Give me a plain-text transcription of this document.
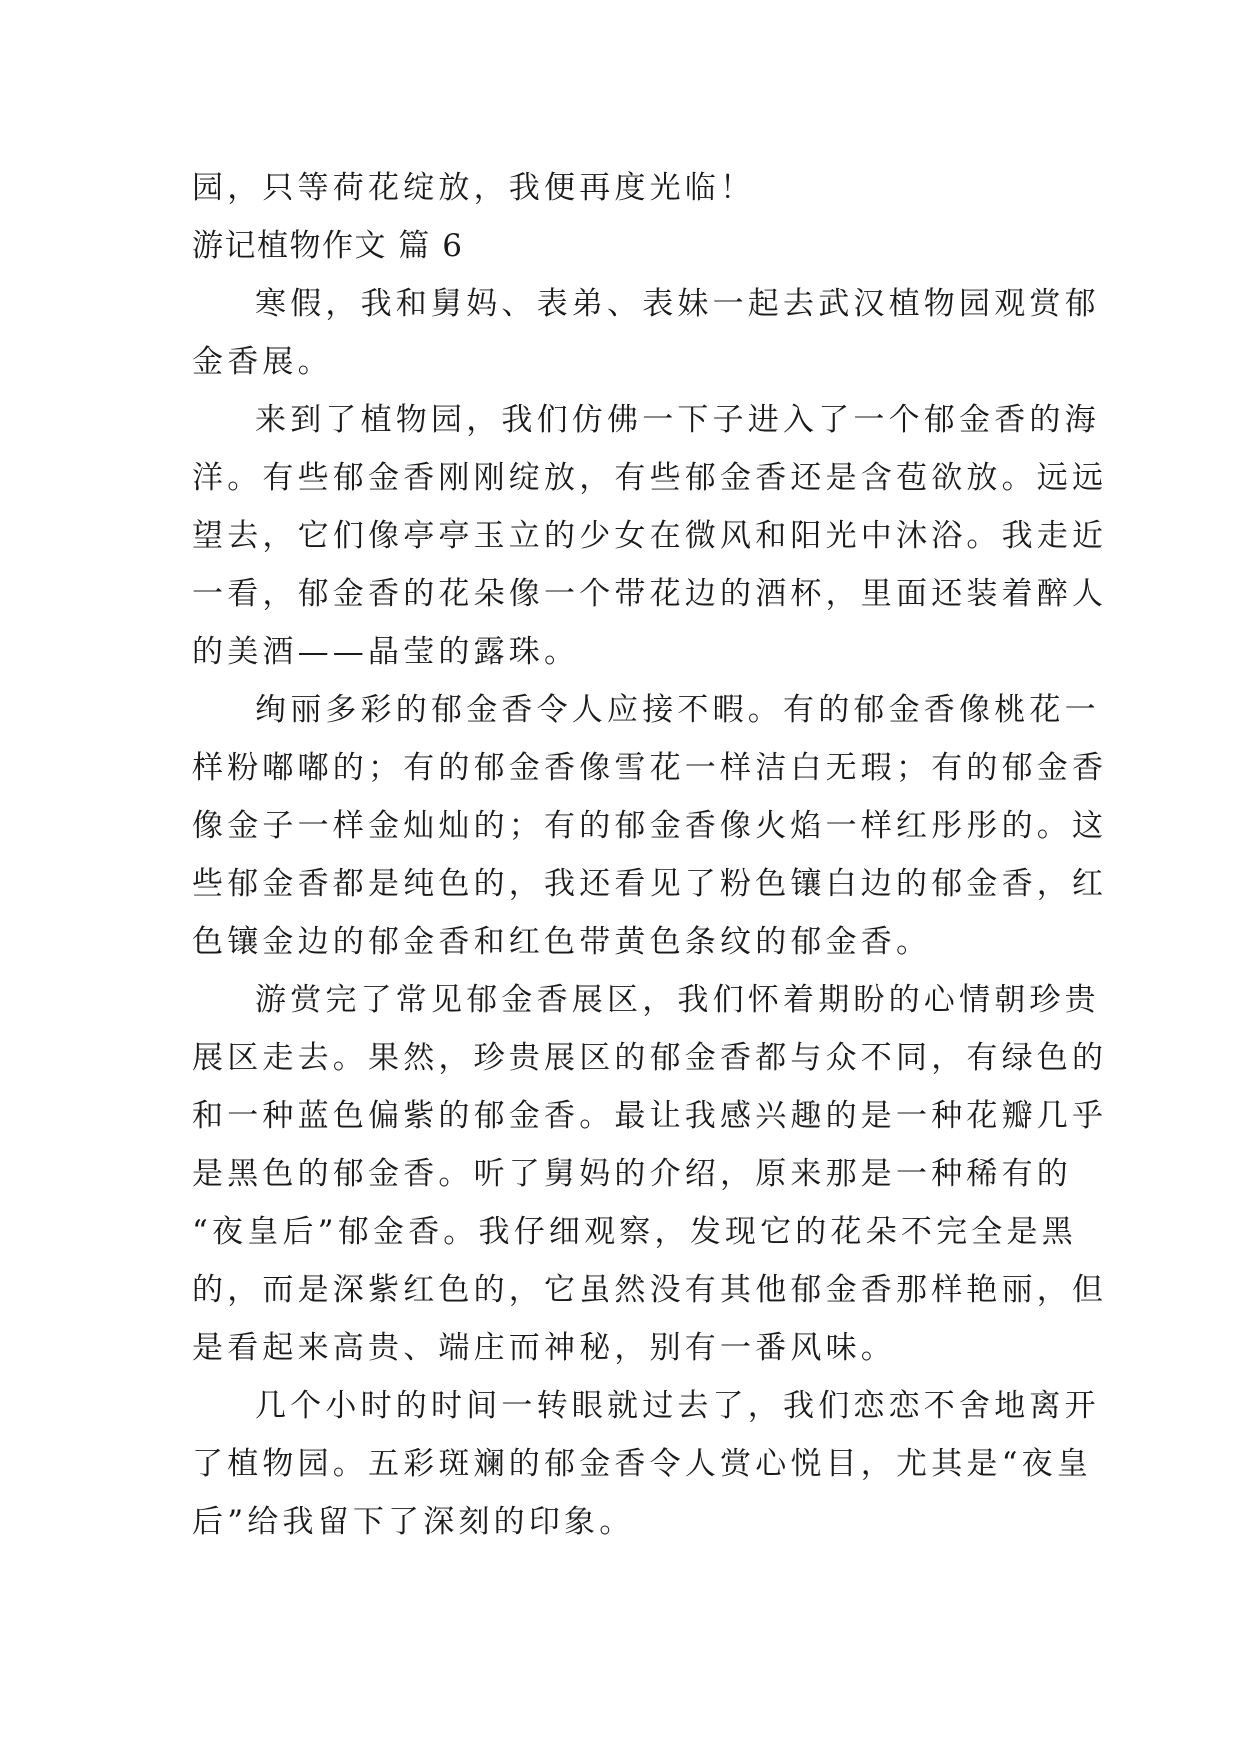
园，只等荷花绽放，我便再度光临！
游记植物作文 篇 6
寒假，我和舅妈、表弟、表妹一起去武汉植物园观赏郁
金香展。
来到了植物园，我们仿佛一下子进入了一个郁金香的海
洋。有些郁金香刚刚绽放，有些郁金香还是含苞欲放。远远
望去，它们像亭亭玉立的少女在微风和阳光中沐浴。我走近
一看，郁金香的花朵像一个带花边的酒杯，里面还装着醉人
的美酒——晶莹的露珠。
绚丽多彩的郁金香令人应接不暇。有的郁金香像桃花一
样粉嘟嘟的；有的郁金香像雪花一样洁白无瑕；有的郁金香
像金子一样金灿灿的；有的郁金香像火焰一样红彤彤的。这
些郁金香都是纯色的，我还看见了粉色镶白边的郁金香，红
色镶金边的郁金香和红色带黄色条纹的郁金香。
游赏完了常见郁金香展区，我们怀着期盼的心情朝珍贵
展区走去。果然，珍贵展区的郁金香都与众不同，有绿色的
和一种蓝色偏紫的郁金香。最让我感兴趣的是一种花瓣几乎
是黑色的郁金香。听了舅妈的介绍，原来那是一种稀有的
“夜皇后”郁金香。我仔细观察，发现它的花朵不完全是黑
的，而是深紫红色的，它虽然没有其他郁金香那样艳丽，但
是看起来高贵、端庄而神秘，别有一番风味。
几个小时的时间一转眼就过去了，我们恋恋不舍地离开
了植物园。五彩斑斓的郁金香令人赏心悦目，尤其是“夜皇
后”给我留下了深刻的印象。
